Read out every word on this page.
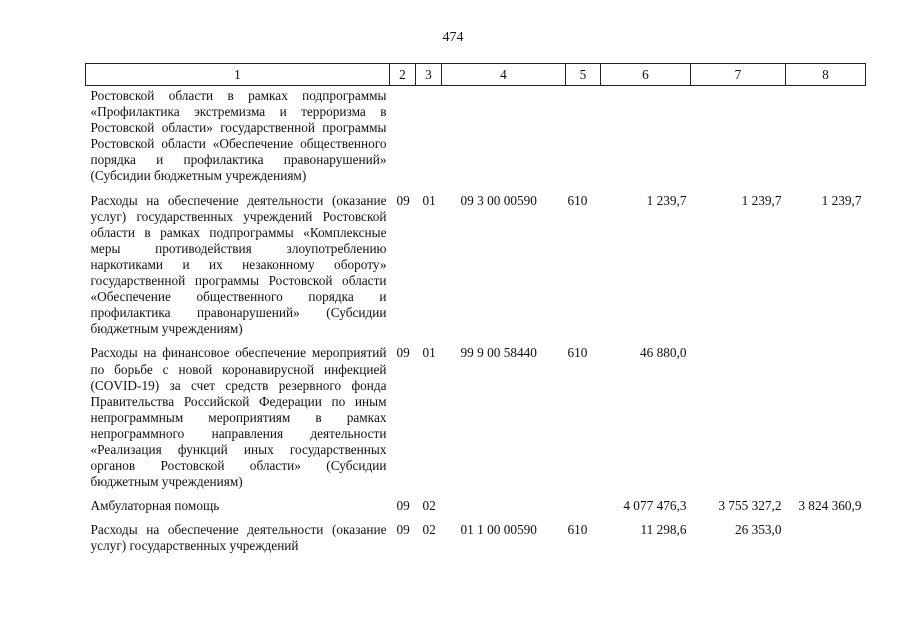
474
1	2	3	4	5	6	7	8
Ростовской области в рамках подпрограммы «Профилактика экстремизма и терроризма в Ростовской области» государственной программы Ростовской области «Обеспечение общественного порядка и профилактика правонарушений» (Субсидии бюджетным учреждениям)							
Расходы на обеспечение деятельности (оказание услуг) государственных учреждений Ростовской области в рамках подпрограммы «Комплексные меры противодействия злоупотреблению наркотиками и их незаконному обороту» государственной программы Ростовской области «Обеспечение общественного порядка и профилактика правонарушений» (Субсидии бюджетным учреждениям)	09	01	09 3 00 00590	610	1 239,7	1 239,7	1 239,7
Расходы на финансовое обеспечение мероприятий по борьбе с новой коронавирусной инфекцией (COVID-19) за счет средств резервного фонда Правительства Российской Федерации по иным непрограммным мероприятиям в рамках непрограммного направления деятельности «Реализация функций иных государственных органов Ростовской области» (Субсидии бюджетным учреждениям)	09	01	99 9 00 58440	610	46 880,0		
Амбулаторная помощь	09	02			4 077 476,3	3 755 327,2	3 824 360,9
Расходы на обеспечение деятельности (оказание услуг) государственных учреждений	09	02	01 1 00 00590	610	11 298,6	26 353,0	
